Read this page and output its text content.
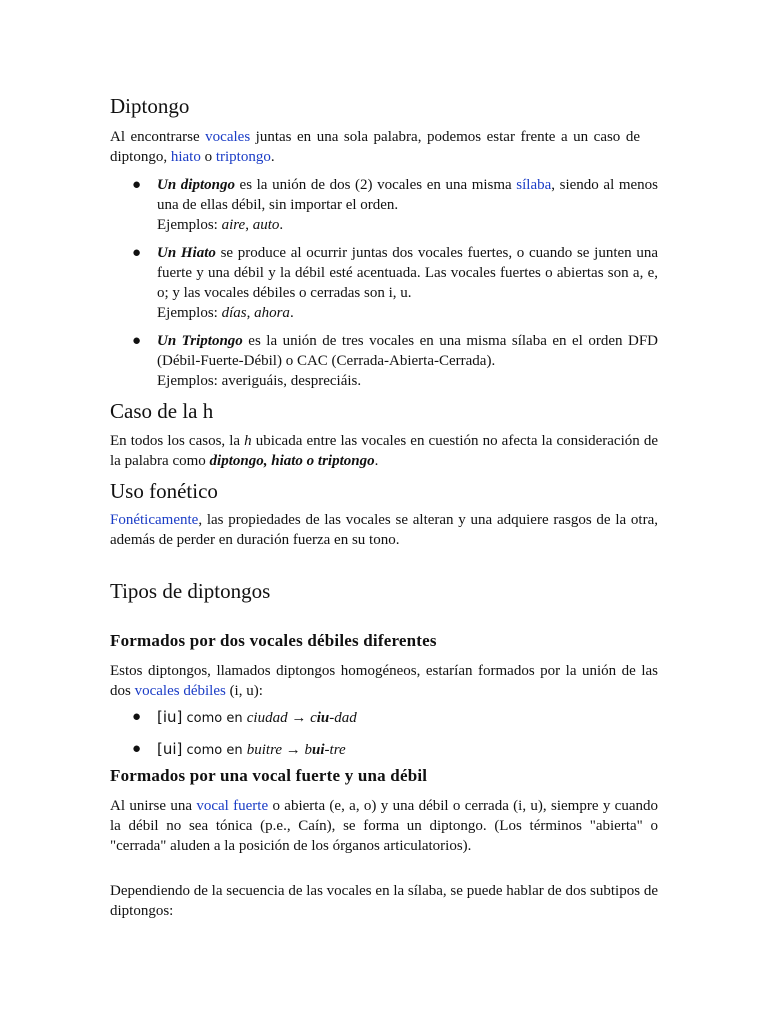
Diptongo

Al encontrarse vocales juntas en una sola palabra, podemos estar frente a un caso de diptongo, hiato o triptongo.

● Un diptongo es la unión de dos (2) vocales en una misma sílaba, siendo al menos una de ellas débil, sin importar el orden.
Ejemplos: aire, auto.
● Un Hiato se produce al ocurrir juntas dos vocales fuertes, o cuando se junten una fuerte y una débil y la débil esté acentuada. Las vocales fuertes o abiertas son a, e, o; y las vocales débiles o cerradas son i, u.
Ejemplos: días, ahora.
● Un Triptongo es la unión de tres vocales en una misma sílaba en el orden DFD (Débil-Fuerte-Débil) o CAC (Cerrada-Abierta-Cerrada).
Ejemplos: averiguáis, despreciáis.
Caso de la h

En todos los casos, la h ubicada entre las vocales en cuestión no afecta la consideración de la palabra como diptongo, hiato o triptongo.

Uso fonético

Fonéticamente, las propiedades de las vocales se alteran y una adquiere rasgos de la otra, además de perder en duración fuerza en su tono.

Tipos de diptongos
Formados por dos vocales débiles diferentes

Estos diptongos, llamados diptongos homogéneos, estarían formados por la unión de las dos vocales débiles (i, u):

● [iu] como en ciudad → ciu-dad
● [ui] como en buitre → bui-tre
Formados por una vocal fuerte y una débil

Al unirse una vocal fuerte o abierta (e, a, o) y una débil o cerrada (i, u), siempre y cuando la débil no sea tónica (p.e., Caín), se forma un diptongo. (Los términos "abierta" o "cerrada" aluden a la posición de los órganos articulatorios).

Dependiendo de la secuencia de las vocales en la sílaba, se puede hablar de dos subtipos de diptongos:
